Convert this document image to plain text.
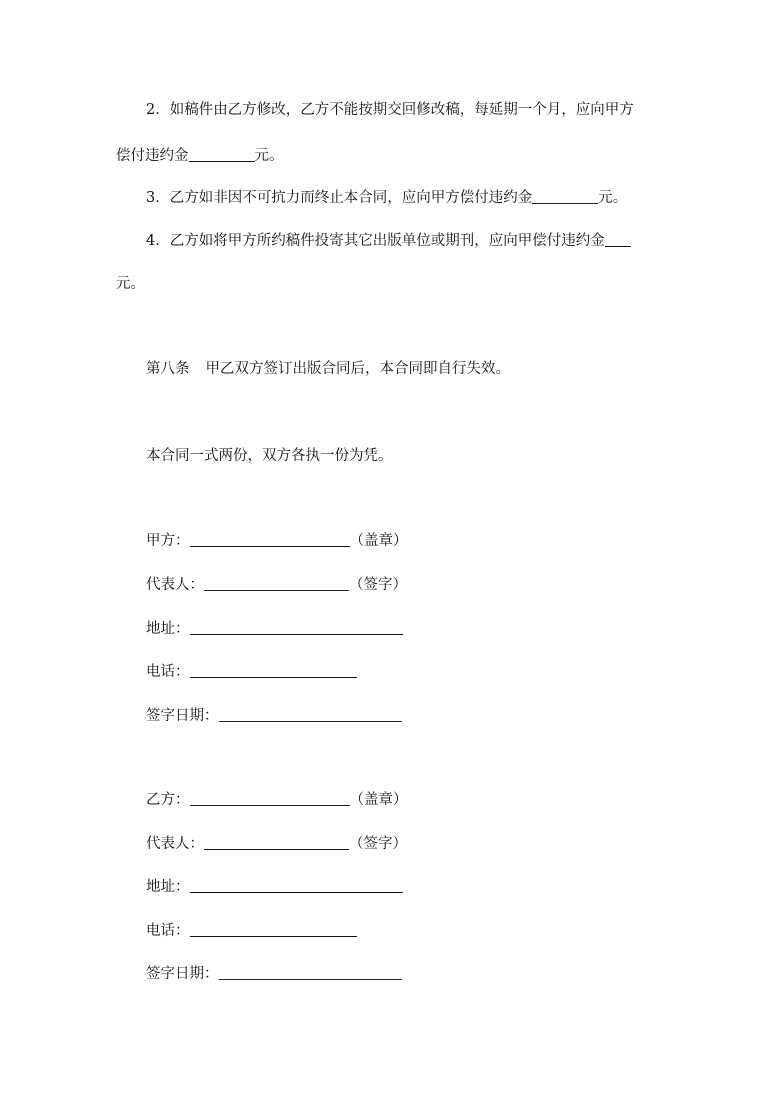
2．如稿件由乙方修改，乙方不能按期交回修改稿，每延期一个月，应向甲方
偿付违约金	元。
3．乙方如非因不可抗力而终止本合同，应向甲方偿付违约金	元。
4．乙方如将甲方所约稿件投寄其它出版单位或期刊，应向甲偿付违约金
元。
第八条 甲乙双方签订出版合同后，本合同即自行失效。
本合同一式两份，双方各执一份为凭。
甲方：	（盖章）
代表人：	（签字）
地址：
电话：
签字日期：
乙方：	（盖章）
代表人：	（签字）
地址：
电话：
签字日期：
